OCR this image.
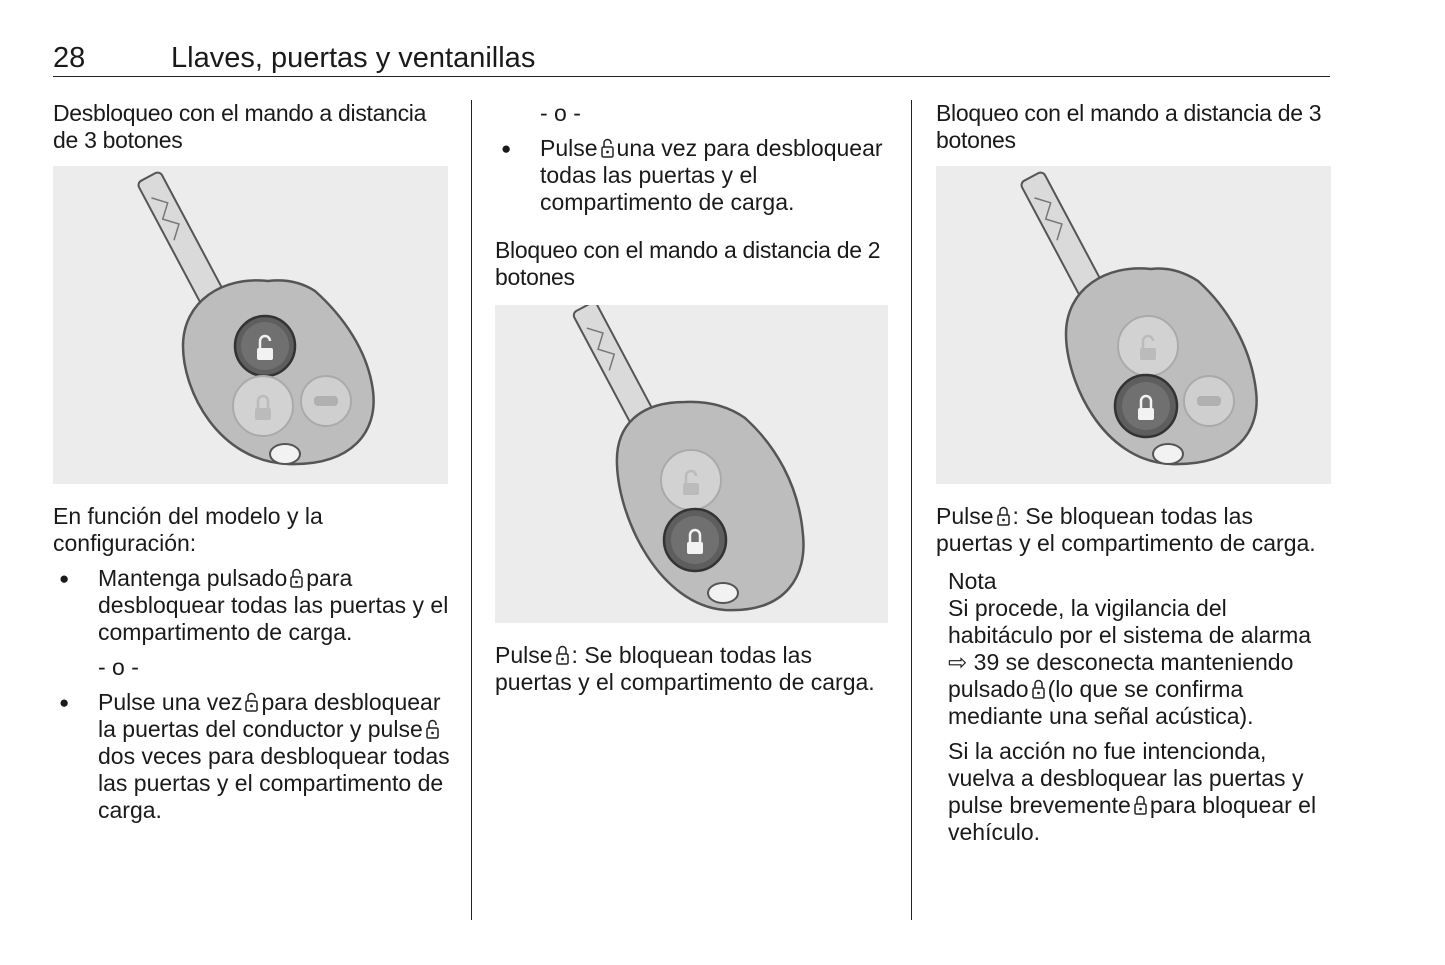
28	Llaves, puertas y ventanillas
Desbloqueo con el mando a distancia de 3 botones

En función del modelo y la configuración:

● Mantenga pulsado para desbloquear todas las puertas y el compartimento de carga.

- o -

● Pulse una vez para desbloquear la puertas del conductor y pulse
dos veces para desbloquear todas las puertas y el compartimento de carga.

- o -

● Pulse una vez para desbloquear todas las puertas y el compartimento de carga.
Bloqueo con el mando a distancia de 2 botones

Pulse : Se bloquean todas las puertas y el compartimento de carga.

Bloqueo con el mando a distancia de 3 botones

Pulse : Se bloquean todas las puertas y el compartimento de carga.

Nota

Si procede, la vigilancia del habitáculo por el sistema de alarma ⇨ 39 se desconecta manteniendo pulsado (lo que se confirma mediante una señal acústica).

Si la acción no fue intencionda, vuelva a desbloquear las puertas y pulse brevemente para bloquear el vehículo.
